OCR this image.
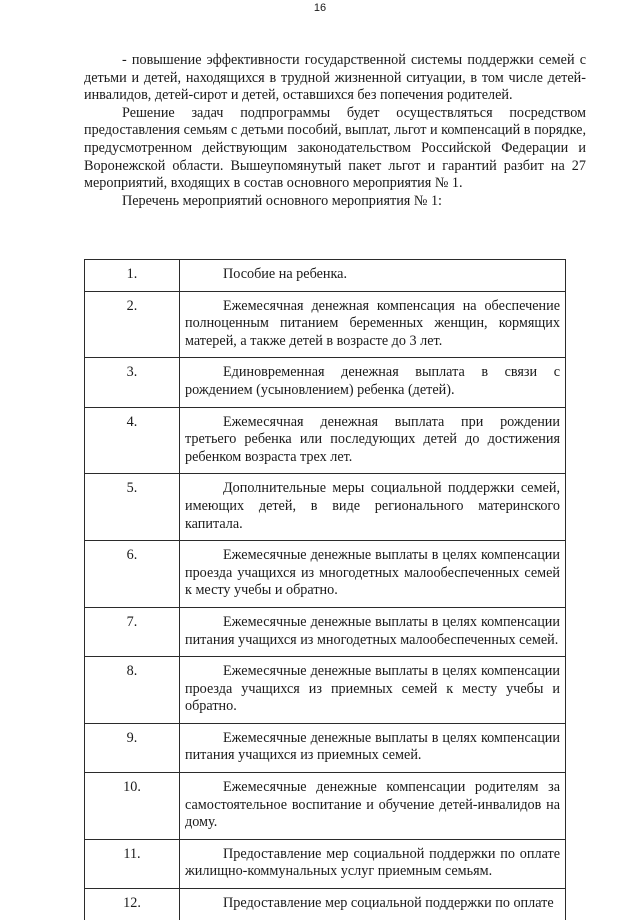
16

- повышение эффективности государственной системы поддержки семей с детьми и детей, находящихся в трудной жизненной ситуации, в том числе детей-инвалидов, детей-сирот и детей, оставшихся без попечения родителей.

Решение задач подпрограммы будет осуществляться посредством предоставления семьям с детьми пособий, выплат, льгот и компенсаций в порядке, предусмотренном действующим законодательством Российской Федерации и Воронежской области. Вышеупомянутый пакет льгот и гарантий разбит на 27 мероприятий, входящих в состав основного мероприятия № 1.

Перечень мероприятий основного мероприятия № 1:

1.	Пособие на ребенка.
2.	Ежемесячная денежная компенсация на обеспечение полноценным питанием беременных женщин, кормящих матерей, а также детей в возрасте до 3 лет.
3.	Единовременная денежная выплата в связи с рождением (усыновлением) ребенка (детей).
4.	Ежемесячная денежная выплата при рождении третьего ребенка или последующих детей до достижения ребенком возраста трех лет.
5.	Дополнительные меры социальной поддержки семей, имеющих детей, в виде регионального материнского капитала.
6.	Ежемесячные денежные выплаты в целях компенсации проезда учащихся из многодетных малообеспеченных семей к месту учебы и обратно.
7.	Ежемесячные денежные выплаты в целях компенсации питания учащихся из многодетных малообеспеченных семей.
8.	Ежемесячные денежные выплаты в целях компенсации проезда учащихся из приемных семей к месту учебы и обратно.
9.	Ежемесячные денежные выплаты в целях компенсации питания учащихся из приемных семей.
10.	Ежемесячные денежные компенсации родителям за самостоятельное воспитание и обучение детей-инвалидов на дому.
11.	Предоставление мер социальной поддержки по оплате жилищно-коммунальных услуг приемным семьям.
12.	Предоставление мер социальной поддержки по оплате
